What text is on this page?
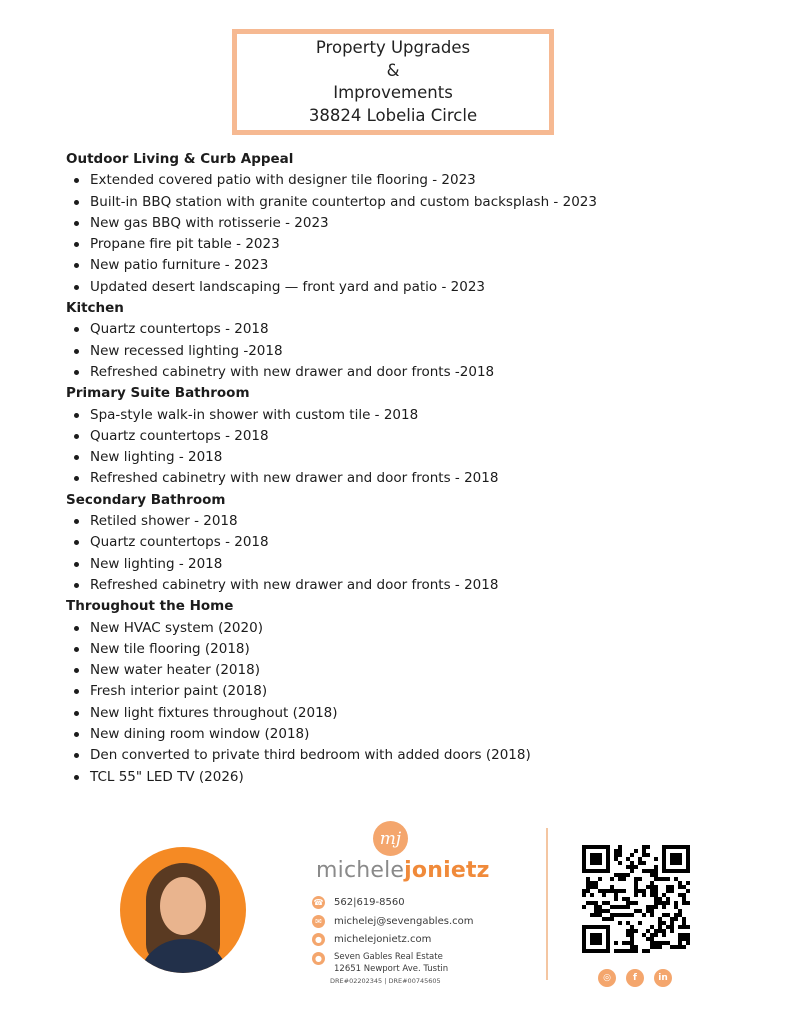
Property Upgrades
&
Improvements
38824 Lobelia Circle
Outdoor Living & Curb Appeal
Extended covered patio with designer tile flooring - 2023
Built-in BBQ station with granite countertop and custom backsplash - 2023
New gas BBQ with rotisserie - 2023
Propane fire pit table - 2023
New patio furniture - 2023
Updated desert landscaping — front yard and patio - 2023
Kitchen
Quartz countertops - 2018
New recessed lighting -2018
Refreshed cabinetry with new drawer and door fronts -2018
Primary Suite Bathroom
Spa-style walk-in shower with custom tile - 2018
Quartz countertops - 2018
New lighting - 2018
Refreshed cabinetry with new drawer and door fronts - 2018
Secondary Bathroom
Retiled shower - 2018
Quartz countertops - 2018
New lighting - 2018
Refreshed cabinetry with new drawer and door fronts - 2018
Throughout the Home
New HVAC system (2020)
New tile flooring (2018)
New water heater (2018)
Fresh interior paint (2018)
New light fixtures throughout (2018)
New dining room window (2018)
Den converted to private third bedroom with added doors (2018)
TCL 55" LED TV (2026)
mj
michelejonietz
☎ 562|619-8560
✉	michelej@sevengables.com
●	michelejonietz.com
●	Seven Gables Real Estate
12651 Newport Ave. Tustin
DRE#02202345 | DRE#00745605	◎	f	in
